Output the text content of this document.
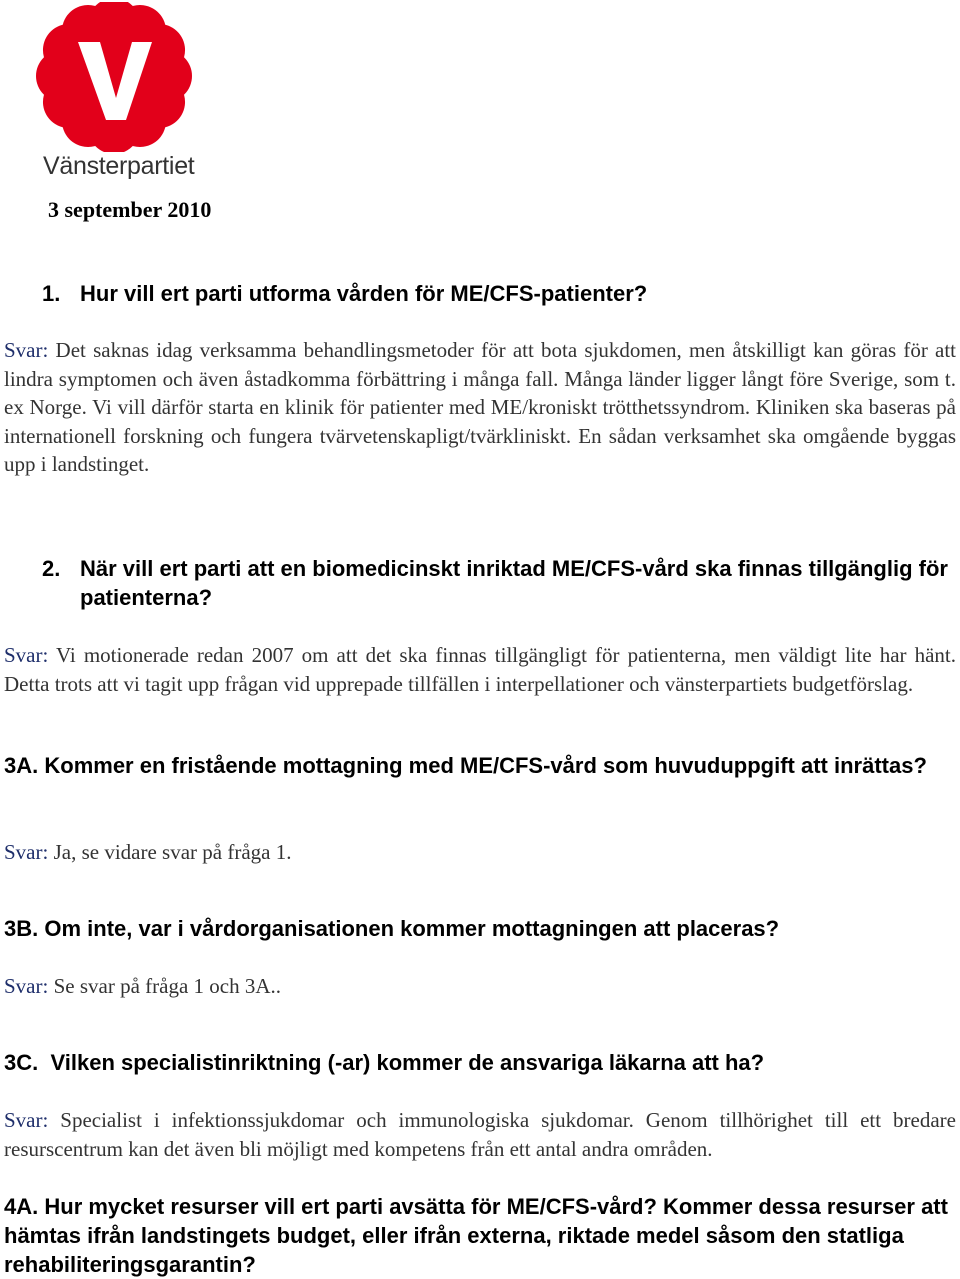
Vänsterpartiet
3 september 2010

1. Hur vill ert parti utforma vården för ME/CFS-patienter?

Svar: Det saknas idag verksamma behandlingsmetoder för att bota sjukdomen, men åtskilligt kan göras för att lindra symptomen och även åstadkomma förbättring i många fall. Många länder ligger långt före Sverige, som t. ex Norge. Vi vill därför starta en klinik för patienter med ME/kroniskt trötthetssyndrom. Kliniken ska baseras på internationell forskning och fungera tvärvetenskapligt/tvärkliniskt. En sådan verksamhet ska omgående byggas upp i landstinget.

2. När vill ert parti att en biomedicinskt inriktad ME/CFS-vård ska finnas tillgänglig för patienterna?

Svar: Vi motionerade redan 2007 om att det ska finnas tillgängligt för patienterna, men väldigt lite har hänt. Detta trots att vi tagit upp frågan vid upprepade tillfällen i interpellationer och vänsterpartiets budgetförslag.

3A. Kommer en fristående mottagning med ME/CFS-vård som huvuduppgift att inrättas?

Svar: Ja, se vidare svar på fråga 1.

3B. Om inte, var i vårdorganisationen kommer mottagningen att placeras?

Svar: Se svar på fråga 1 och 3A..

3C. Vilken specialistinriktning (-ar) kommer de ansvariga läkarna att ha?

Svar: Specialist i infektionssjukdomar och immunologiska sjukdomar. Genom tillhörighet till ett bredare resurscentrum kan det även bli möjligt med kompetens från ett antal andra områden.

4A. Hur mycket resurser vill ert parti avsätta för ME/CFS-vård? Kommer dessa resurser att hämtas ifrån landstingets budget, eller ifrån externa, riktade medel såsom den statliga rehabiliteringsgarantin?
